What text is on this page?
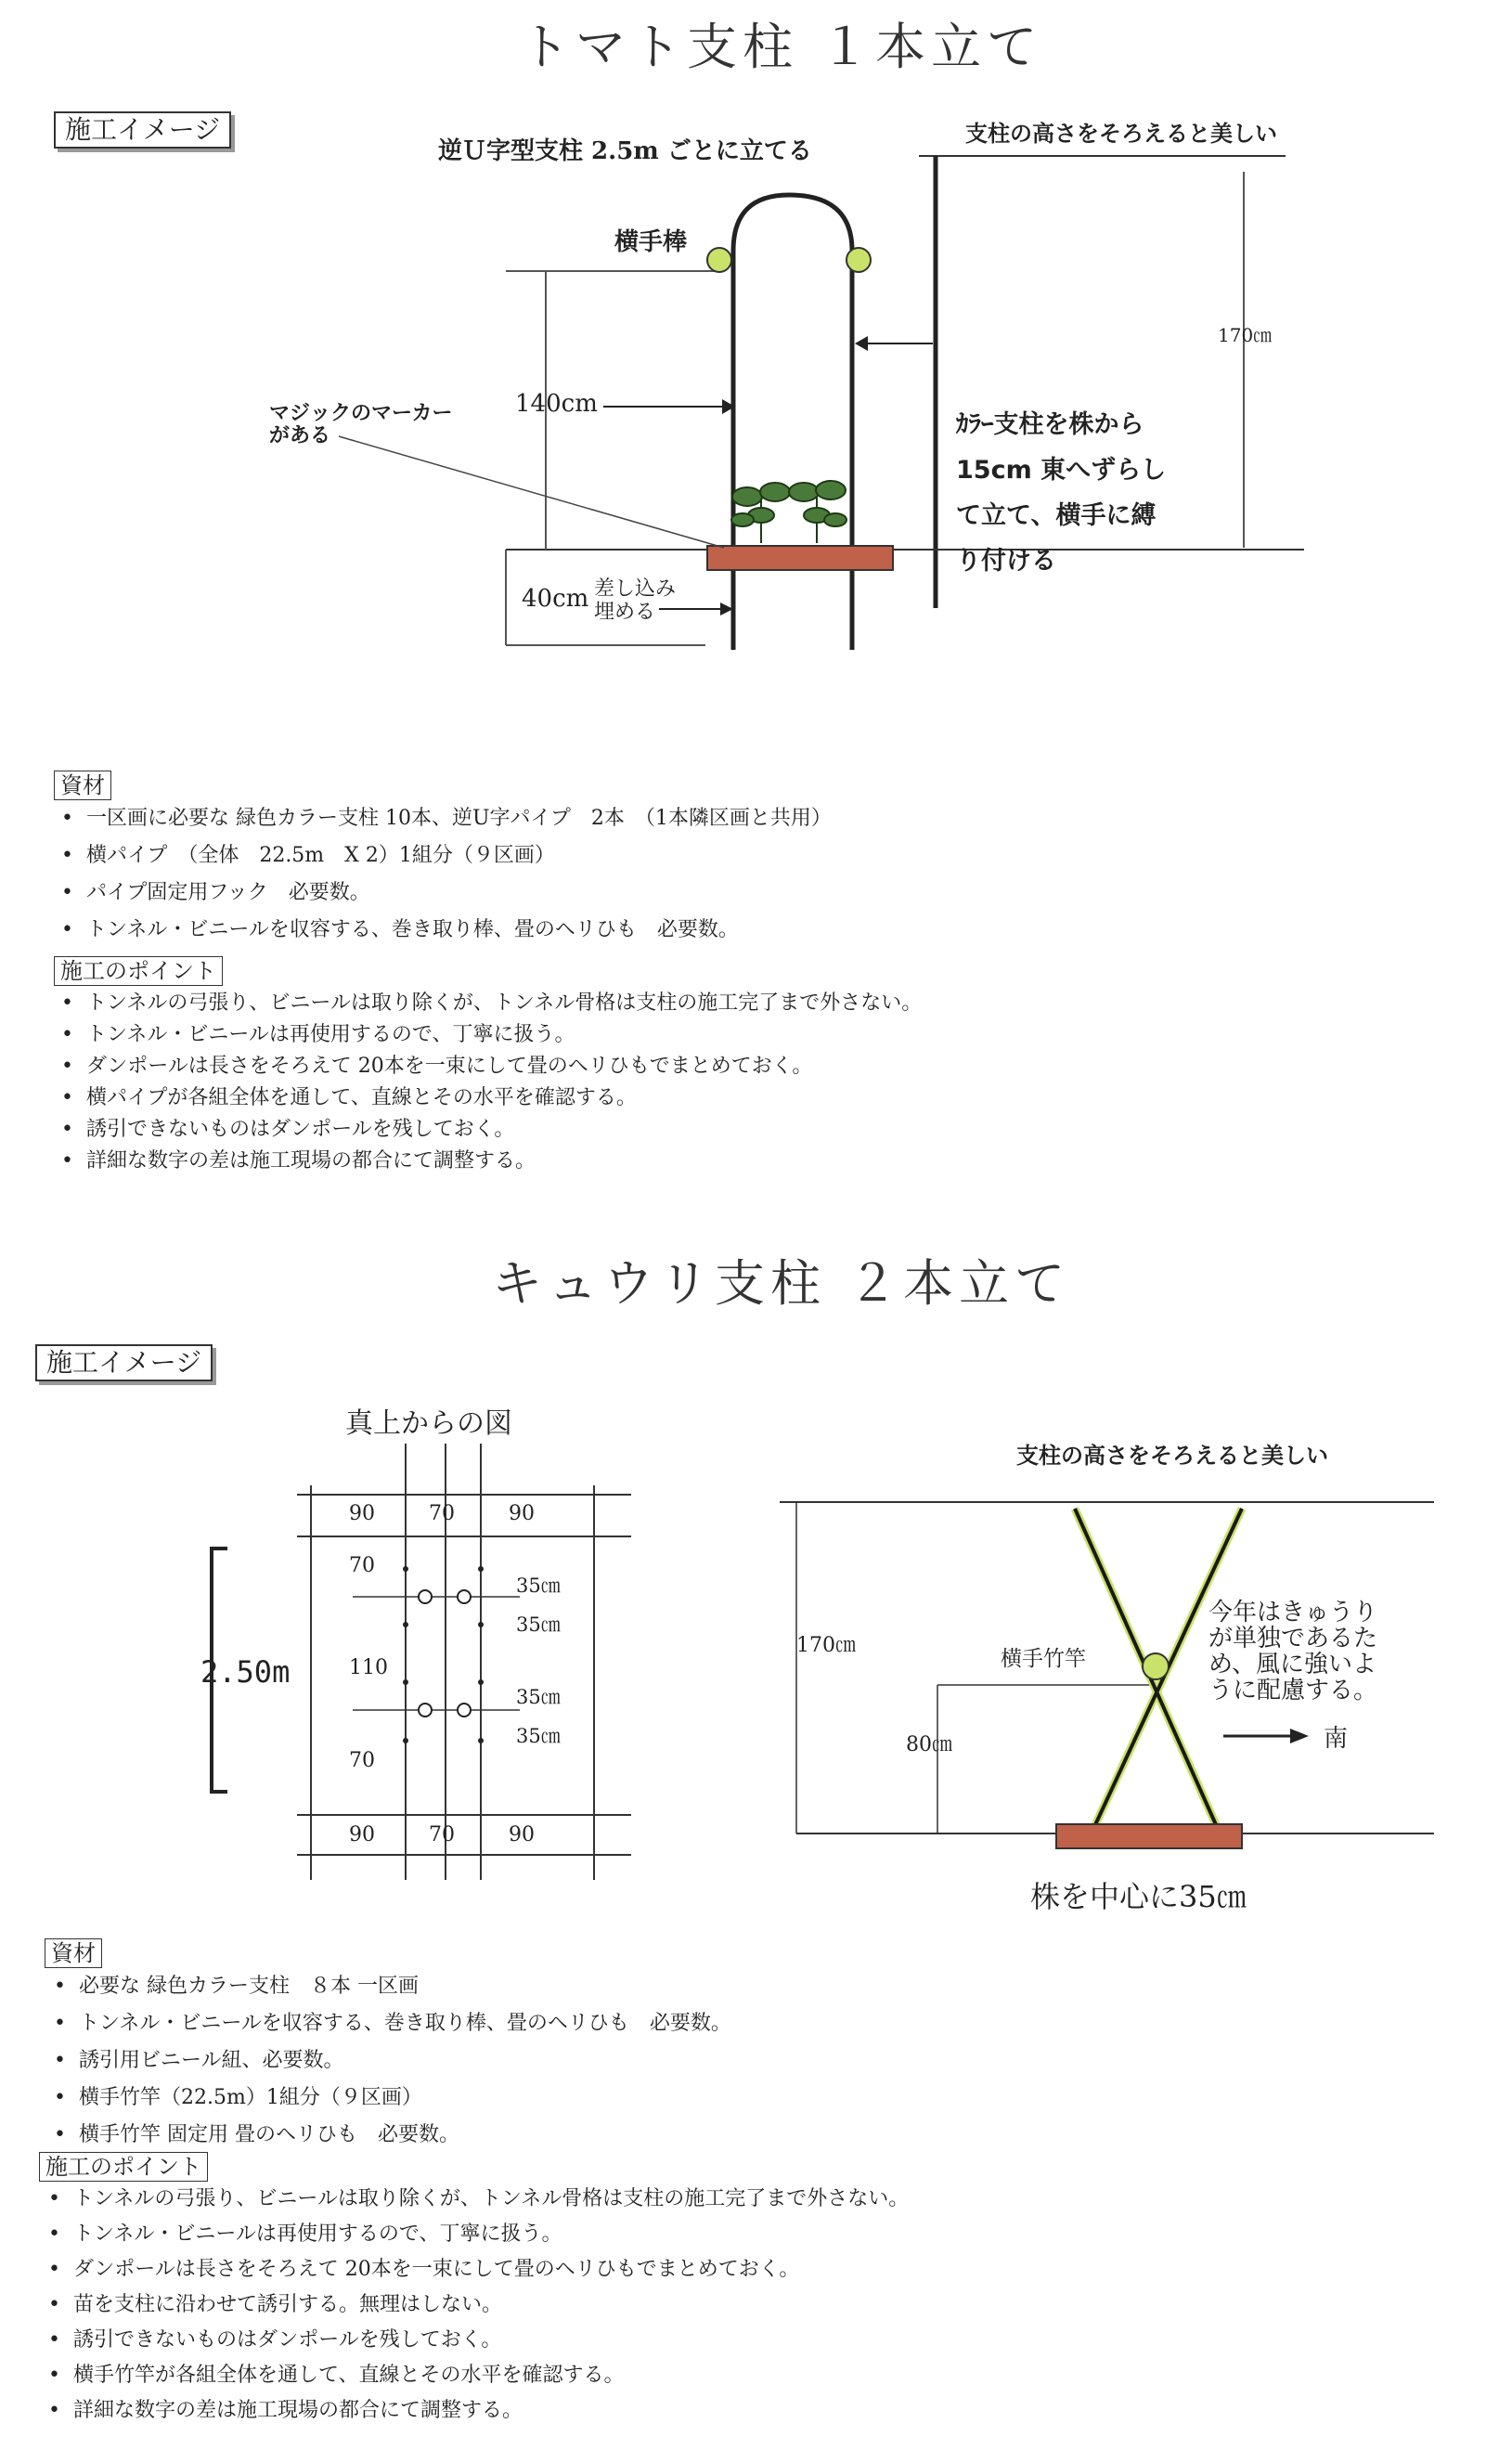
トマト支柱 １本立て
施工イメージ
逆Ｕ字型支柱 2.5m ごとに立てる
支柱の高さをそろえると美しい
横手棒
170㎝
マジックのマーカー
がある
140cm
ｶﾗｰ支柱を株から
15cm 東へずらし
て立て、横手に縛
り付ける
40cm 差し込み
埋める
資材
• 一区画に必要な 緑色カラー支柱 10本、逆U字パイプ　2本　（1本隣区画と共用）
• 横パイプ　（全体　22.5m　X 2）1組分（９区画）
• パイプ固定用フック　必要数。
• トンネル・ビニールを収容する、巻き取り棒、畳のヘリひも　必要数。
施工のポイント
• トンネルの弓張り、ビニールは取り除くが、トンネル骨格は支柱の施工完了まで外さない。
• トンネル・ビニールは再使用するので、丁寧に扱う。
• ダンポールは長さをそろえて 20本を一束にして畳のヘリひもでまとめておく。
• 横パイプが各組全体を通して、直線とその水平を確認する。
• 誘引できないものはダンポールを残しておく。
• 詳細な数字の差は施工現場の都合にて調整する。
キュウリ支柱 ２本立て
施工イメージ
真上からの図
90	70	90
90	70	90
70
110
70
35㎝
35㎝
35㎝
35㎝
2.50m
支柱の高さをそろえると美しい
170㎝
横手竹竿
80㎝
今年はきゅうり
が単独であるた
め、風に強いよ
うに配慮する。
南
株を中心に35㎝
資材
• 必要な 緑色カラー支柱　８本 一区画
• トンネル・ビニールを収容する、巻き取り棒、畳のヘリひも　必要数。
• 誘引用ビニール紐、必要数。
• 横手竹竿（22.5m）1組分（９区画）
• 横手竹竿 固定用 畳のヘリひも　必要数。
施工のポイント
• トンネルの弓張り、ビニールは取り除くが、トンネル骨格は支柱の施工完了まで外さない。
• トンネル・ビニールは再使用するので、丁寧に扱う。
• ダンポールは長さをそろえて 20本を一束にして畳のヘリひもでまとめておく。
• 苗を支柱に沿わせて誘引する。無理はしない。
• 誘引できないものはダンポールを残しておく。
• 横手竹竿が各組全体を通して、直線とその水平を確認する。
• 詳細な数字の差は施工現場の都合にて調整する。
